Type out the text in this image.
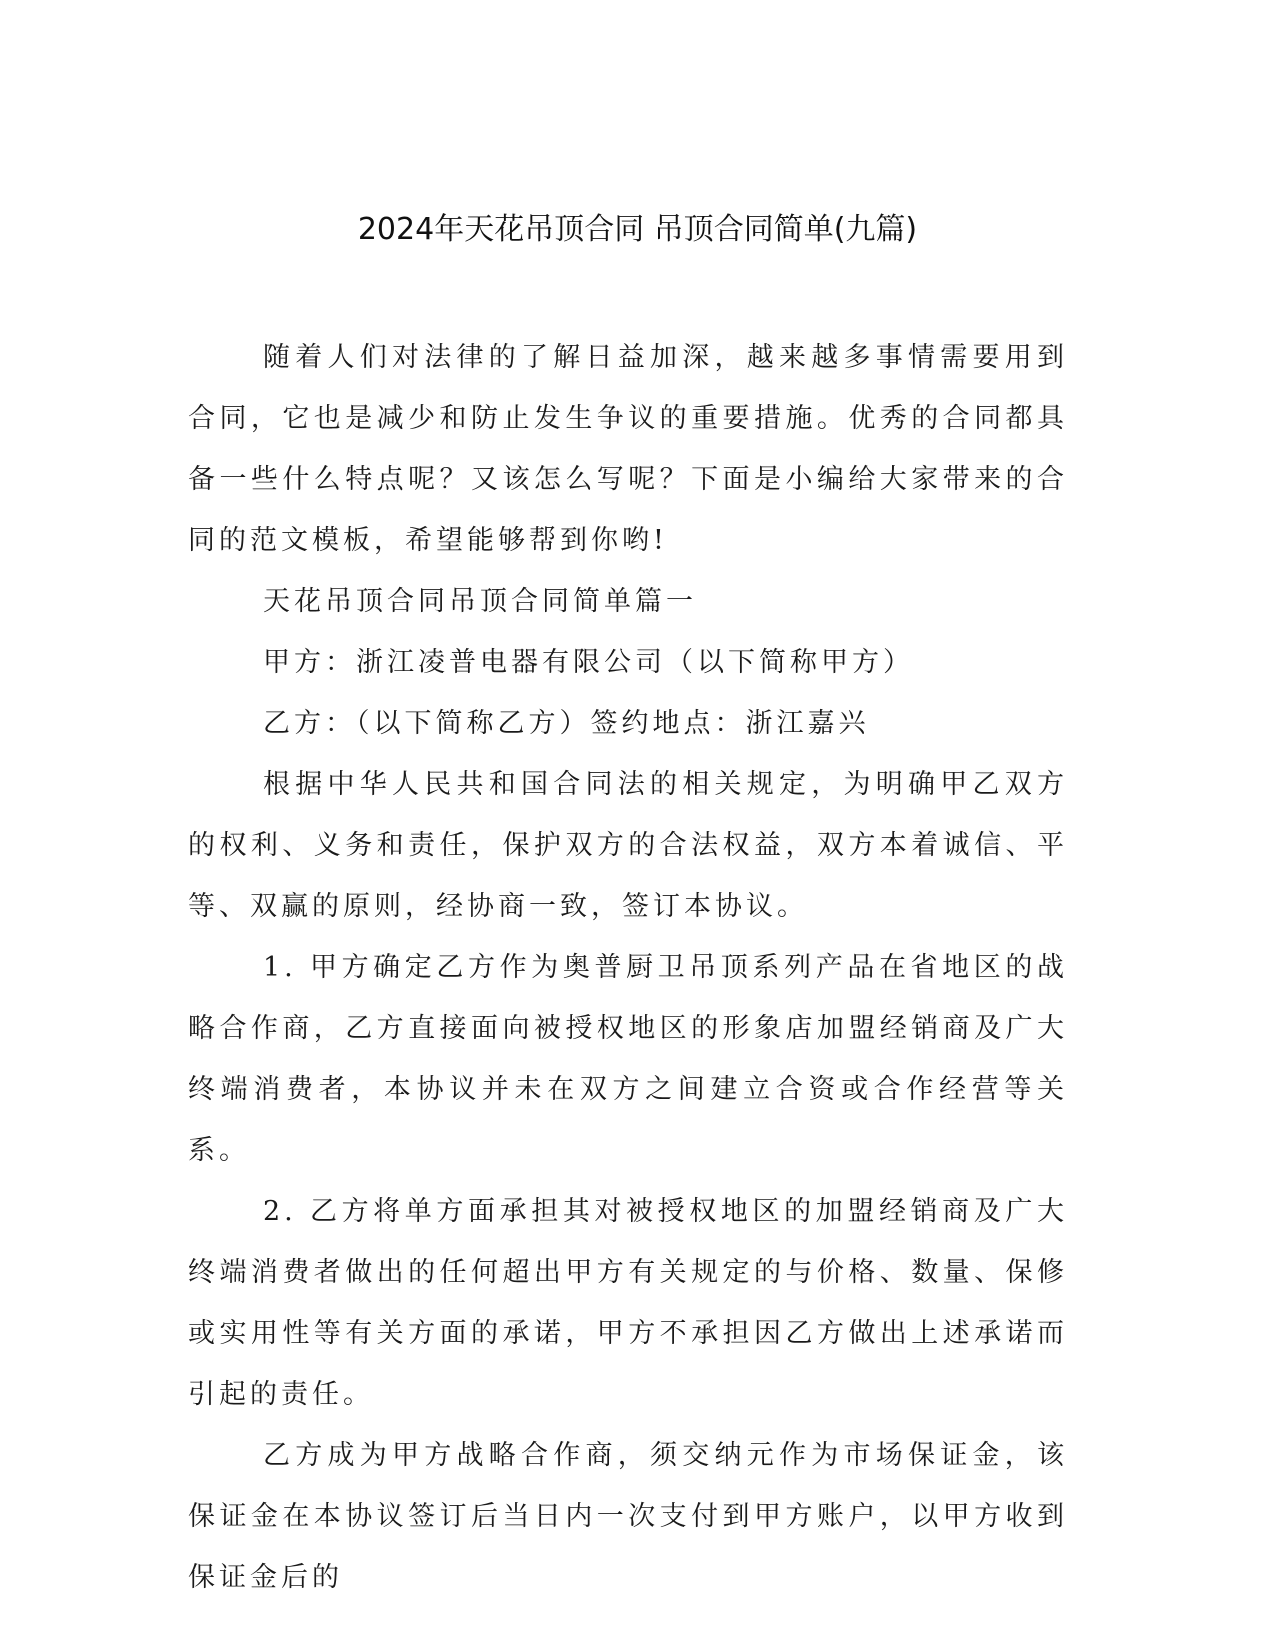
2024年天花吊顶合同 吊顶合同简单(九篇)

随着人们对法律的了解日益加深，越来越多事情需要用到合同，它也是减少和防止发生争议的重要措施。优秀的合同都具备一些什么特点呢？又该怎么写呢？下面是小编给大家带来的合同的范文模板，希望能够帮到你哟!

天花吊顶合同吊顶合同简单篇一

甲方：浙江凌普电器有限公司（以下简称甲方）

乙方：（以下简称乙方）签约地点：浙江嘉兴

根据中华人民共和国合同法的相关规定，为明确甲乙双方的权利、义务和责任，保护双方的合法权益，双方本着诚信、平等、双赢的原则，经协商一致，签订本协议。

1. 甲方确定乙方作为奥普厨卫吊顶系列产品在省地区的战略合作商，乙方直接面向被授权地区的形象店加盟经销商及广大终端消费者，本协议并未在双方之间建立合资或合作经营等关系。

2. 乙方将单方面承担其对被授权地区的加盟经销商及广大终端消费者做出的任何超出甲方有关规定的与价格、数量、保修或实用性等有关方面的承诺，甲方不承担因乙方做出上述承诺而引起的责任。

乙方成为甲方战略合作商，须交纳元作为市场保证金，该保证金在本协议签订后当日内一次支付到甲方账户，以甲方收到保证金后的
